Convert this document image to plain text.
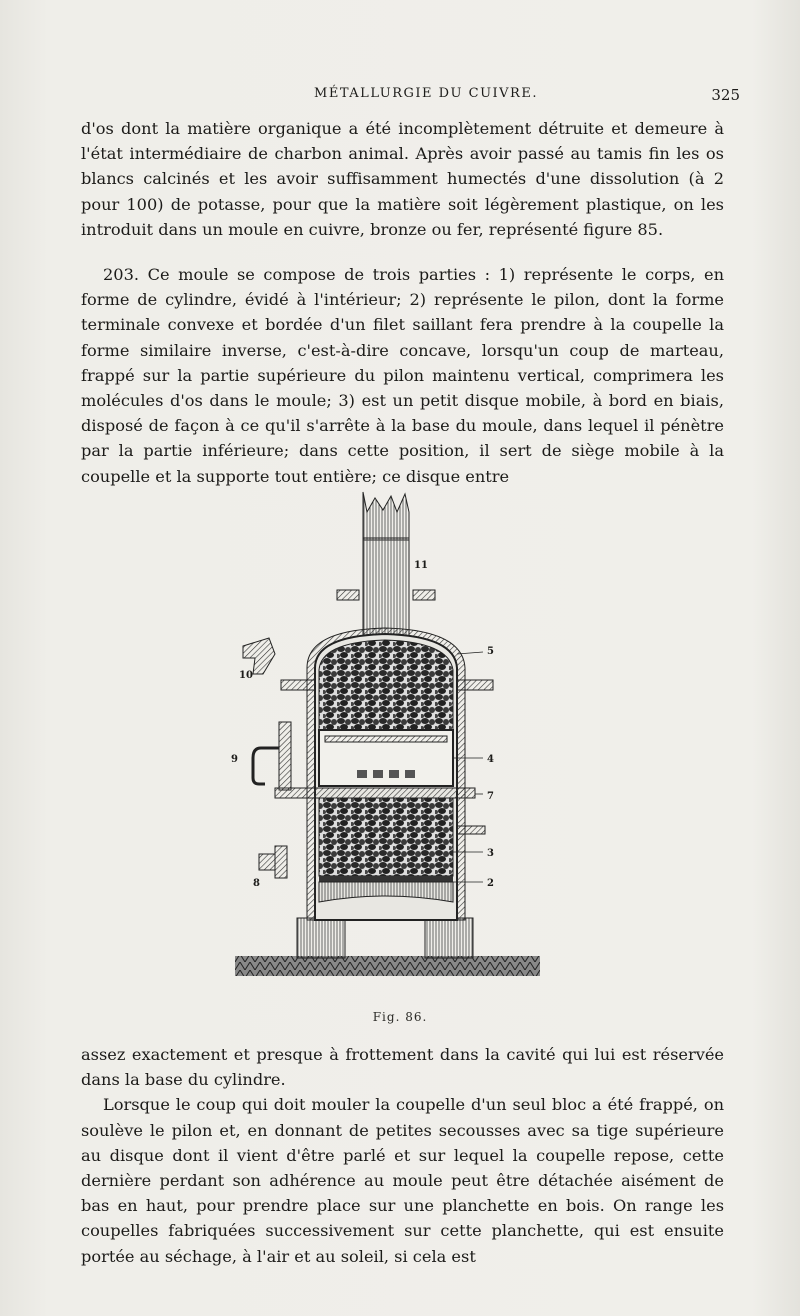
MÉTALLURGIE DU CUIVRE.	325

d'os dont la matière organique a été incomplètement détruite et demeure à l'état intermédiaire de charbon animal. Après avoir passé au tamis fin les os blancs calcinés et les avoir suffisamment humectés d'une dissolution (à 2 pour 100) de potasse, pour que la matière soit légèrement plastique, on les introduit dans un moule en cuivre, bronze ou fer, représenté figure 85.

203. Ce moule se compose de trois parties : 1) représente le corps, en forme de cylindre, évidé à l'intérieur; 2) représente le pilon, dont la forme terminale convexe et bordée d'un filet saillant fera prendre à la coupelle la forme similaire inverse, c'est-à-dire concave, lorsqu'un coup de marteau, frappé sur la partie supérieure du pilon maintenu vertical, comprimera les molécules d'os dans le moule; 3) est un petit disque mobile, à bord en biais, disposé de façon à ce qu'il s'arrête à la base du moule, dans lequel il pénètre par la partie inférieure; dans cette position, il sert de siège mobile à la coupelle et la supporte tout entière; ce disque entre

11
5
10
9	4
7
3
2
8
Fig. 86.

assez exactement et presque à frottement dans la cavité qui lui est réservée dans la base du cylindre.

Lorsque le coup qui doit mouler la coupelle d'un seul bloc a été frappé, on soulève le pilon et, en donnant de petites secousses avec sa tige supérieure au disque dont il vient d'être parlé et sur lequel la coupelle repose, cette dernière perdant son adhérence au moule peut être détachée aisément de bas en haut, pour prendre place sur une planchette en bois. On range les coupelles fabriquées successivement sur cette planchette, qui est ensuite portée au séchage, à l'air et au soleil, si cela est
